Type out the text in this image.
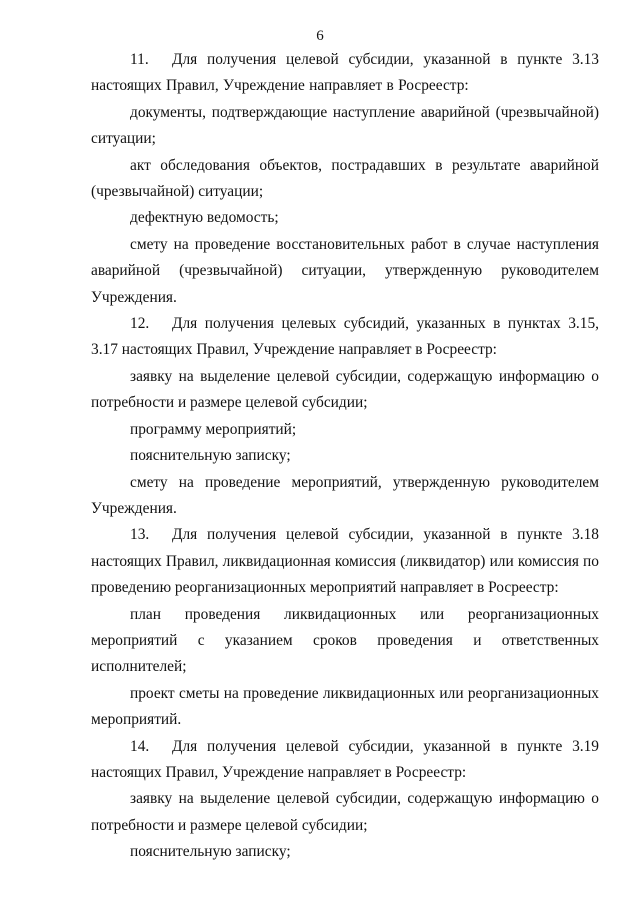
6

11. Для получения целевой субсидии, указанной в пункте 3.13 настоящих Правил, Учреждение направляет в Росреестр:

документы, подтверждающие наступление аварийной (чрезвычайной) ситуации;

акт обследования объектов, пострадавших в результате аварийной (чрезвычайной) ситуации;

дефектную ведомость;

смету на проведение восстановительных работ в случае наступления аварийной (чрезвычайной) ситуации, утвержденную руководителем Учреждения.

12. Для получения целевых субсидий, указанных в пунктах 3.15, 3.17 настоящих Правил, Учреждение направляет в Росреестр:

заявку на выделение целевой субсидии, содержащую информацию о потребности и размере целевой субсидии;

программу мероприятий;

пояснительную записку;

смету на проведение мероприятий, утвержденную руководителем Учреждения.

13. Для получения целевой субсидии, указанной в пункте 3.18 настоящих Правил, ликвидационная комиссия (ликвидатор) или комиссия по проведению реорганизационных мероприятий направляет в Росреестр:

план проведения ликвидационных или реорганизационных мероприятий с указанием сроков проведения и ответственных исполнителей;

проект сметы на проведение ликвидационных или реорганизационных мероприятий.

14. Для получения целевой субсидии, указанной в пункте 3.19 настоящих Правил, Учреждение направляет в Росреестр:

заявку на выделение целевой субсидии, содержащую информацию о потребности и размере целевой субсидии;

пояснительную записку;
